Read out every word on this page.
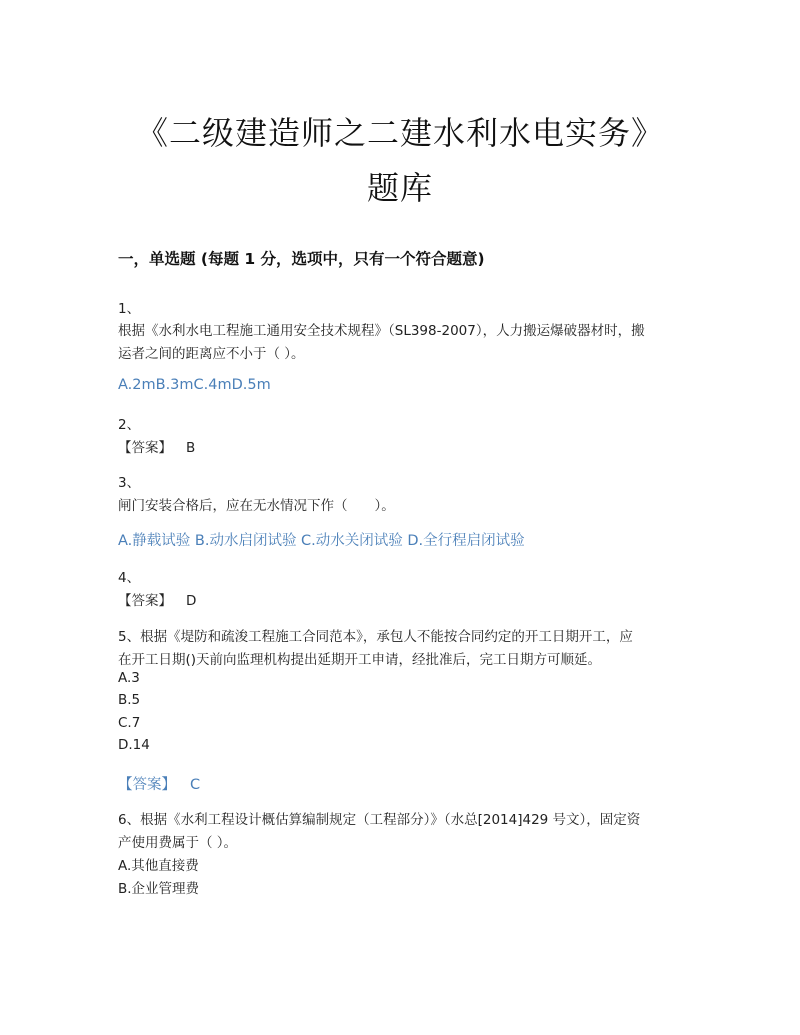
《二级建造师之二建水利水电实务》
题库
一，单选题 (每题 1 分，选项中，只有一个符合题意)
1、
根据《水利水电工程施工通用安全技术规程》（SL398-2007），人力搬运爆破器材时，搬
运者之间的距离应不小于（ ）。
A.2mB.3mC.4mD.5m
2、
【答案】 B
3、
闸门安装合格后，应在无水情况下作（　　）。
A.静载试验 B.动水启闭试验 C.动水关闭试验 D.全行程启闭试验
4、
【答案】 D
5、根据《堤防和疏浚工程施工合同范本》，承包人不能按合同约定的开工日期开工，应
在开工日期()天前向监理机构提出延期开工申请，经批准后，完工日期方可顺延。
A.3
B.5
C.7
D.14
【答案】 C
6、根据《水利工程设计概估算编制规定（工程部分）》（水总[2014]429 号文），固定资
产使用费属于（ ）。
A.其他直接费
B.企业管理费
